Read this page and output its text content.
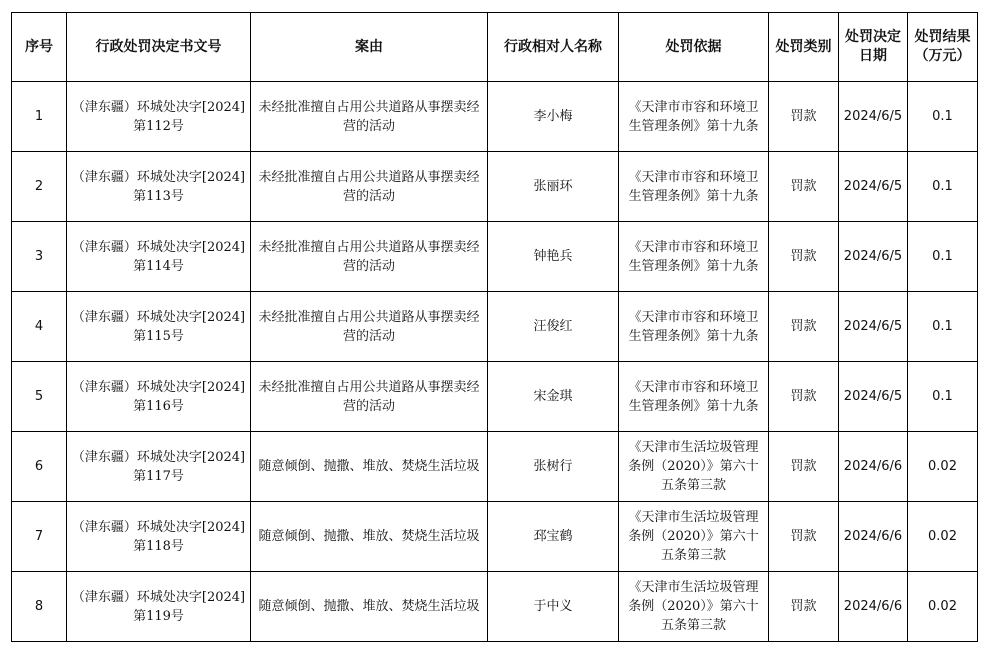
序号	行政处罚决定书文号	案由	行政相对人名称	处罚依据	处罚类别	处罚决定日期	处罚结果（万元）
1	（津东疆）环城处决字[2024]第112号	未经批准擅自占用公共道路从事摆卖经营的活动	李小梅	《天津市市容和环境卫生管理条例》第十九条	罚款	2024/6/5	0.1
2	（津东疆）环城处决字[2024]第113号	未经批准擅自占用公共道路从事摆卖经营的活动	张丽环	《天津市市容和环境卫生管理条例》第十九条	罚款	2024/6/5	0.1
3	（津东疆）环城处决字[2024]第114号	未经批准擅自占用公共道路从事摆卖经营的活动	钟艳兵	《天津市市容和环境卫生管理条例》第十九条	罚款	2024/6/5	0.1
4	（津东疆）环城处决字[2024]第115号	未经批准擅自占用公共道路从事摆卖经营的活动	汪俊红	《天津市市容和环境卫生管理条例》第十九条	罚款	2024/6/5	0.1
5	（津东疆）环城处决字[2024]第116号	未经批准擅自占用公共道路从事摆卖经营的活动	宋金琪	《天津市市容和环境卫生管理条例》第十九条	罚款	2024/6/5	0.1
6	（津东疆）环城处决字[2024]第117号	随意倾倒、抛撒、堆放、焚烧生活垃圾	张树行	《天津市生活垃圾管理条例（2020）》第六十五条第三款	罚款	2024/6/6	0.02
7	（津东疆）环城处决字[2024]第118号	随意倾倒、抛撒、堆放、焚烧生活垃圾	邳宝鹤	《天津市生活垃圾管理条例（2020）》第六十五条第三款	罚款	2024/6/6	0.02
8	（津东疆）环城处决字[2024]第119号	随意倾倒、抛撒、堆放、焚烧生活垃圾	于中义	《天津市生活垃圾管理条例（2020）》第六十五条第三款	罚款	2024/6/6	0.02
